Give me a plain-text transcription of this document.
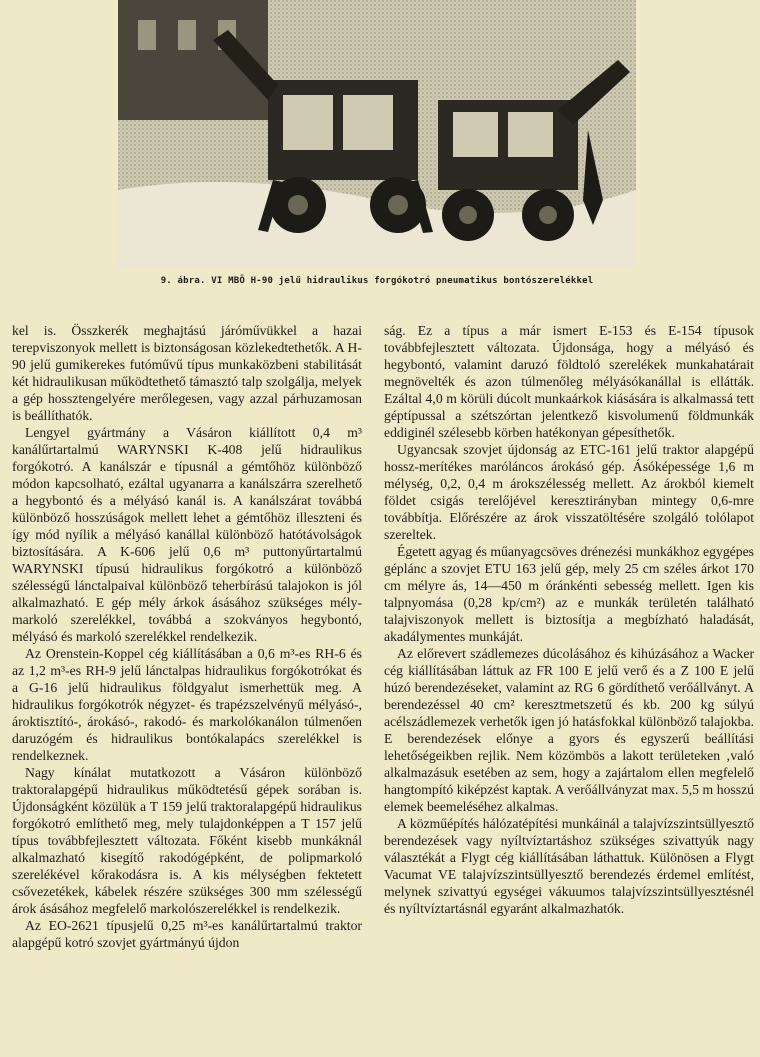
9. ábra. VI MBÖ H-90 jelű hidraulikus forgókotró pneumatikus bontószerelékkel

kel is. Összkerék meghajtású járóművükkel a hazai terepviszonyok mellett is biztonságosan közlekedtethetők. A H-90 jelű gumikerekes futóművű típus munkaközbeni stabilitását két hidraulikusan működtethető támasztó talp szolgálja, melyek a gép hossztengelyére merőlegesen, vagy azzal párhuzamosan is beállíthatók.

Lengyel gyártmány a Vásáron kiállított 0,4 m³ kanálűrtartalmú WARYNSKI K-408 jelű hidraulikus forgókotró. A kanálszár e típusnál a gémtőhöz különböző módon kapcsolható, ezáltal ugyanarra a kanálszárra szerelhető a hegybontó és a mélyásó kanál is. A kanálszárat továbbá különböző hosszúságok mellett lehet a gémtőhöz illeszteni és így mód nyílik a mélyásó kanállal különböző hatótávolságok biztosítására. A K-606 jelű 0,6 m³ puttonyűrtartalmú WARYNSKI típusú hidraulikus forgókotró a különböző szélességű lánctalpaival különböző teherbírású talajokon is jól alkalmazható. E gép mély árkok ásásához szükséges mélymarkoló szerelékkel, továbbá a szokványos hegybontó, mélyásó és markoló szerelékkel rendelkezik.

Az Orenstein-Koppel cég kiállításában a 0,6 m³-es RH-6 és az 1,2 m³-es RH-9 jelű lánctalpas hidraulikus forgókotrókat és a G-16 jelű hidraulikus földgyalut ismerhettük meg. A hidraulikus forgókotrók négyzet- és trapézszelvényű mélyásó-, ároktisztító-, árokásó-, rakodó- és markolókanálon túlmenően daruzógém és hidraulikus bontókalapács szerelékkel is rendelkeznek.

Nagy kínálat mutatkozott a Vásáron különböző traktoralapgépű hidraulikus működtetésű gépek sorában is. Újdonságként közülük a T 159 jelű traktoralapgépű hidraulikus forgókotró említhető meg, mely tulajdonképpen a T 157 jelű típus továbbfejlesztett változata. Főként kisebb munkáknál alkalmazható kisegítő rakodógépként, de polipmarkoló szerelékével kőrakodásra is. A kis mélységben fektetett csővezetékek, kábelek részére szükséges 300 mm szélességű árok ásásához megfelelő markolószerelékkel is rendelkezik.

Az EO-2621 típusjelű 0,25 m³-es kanálűrtartalmú traktor alapgépű kotró szovjet gyártmányú újdon

ság. Ez a típus a már ismert E-153 és E-154 típusok továbbfejlesztett változata. Újdonsága, hogy a mélyásó és hegybontó, valamint daruzó földtoló szerelékek munkahatárait megnövelték és azon túlmenőleg mélyásókanállal is ellátták. Ezáltal 4,0 m körüli dúcolt munkaárkok kiásására is alkalmassá tett géptípussal a szétszórtan jelentkező kisvolumenű földmunkák eddiginél szélesebb körben hatékonyan gépesíthetők.

Ugyancsak szovjet újdonság az ETC-161 jelű traktor alapgépű hossz-merítékes maróláncos árokásó gép. Ásóképessége 1,6 m mélység, 0,2, 0,4 m árokszélesség mellett. Az árokból kiemelt földet csigás terelőjével keresztirányban mintegy 0,6-mre továbbítja. Előrészére az árok visszatöltésére szolgáló tolólapot szereltek.

Égetett agyag és műanyagcsöves drénezési munkákhoz egygépes géplánc a szovjet ETU 163 jelű gép, mely 25 cm széles árkot 170 cm mélyre ás, 14—450 m óránkénti sebesség mellett. Igen kis talpnyomása (0,28 kp/cm²) az e munkák területén található talajviszonyok mellett is biztosítja a megbízható haladását, akadálymentes munkáját.

Az előrevert szádlemezes dúcolásához és kihúzásához a Wacker cég kiállításában láttuk az FR 100 E jelű verő és a Z 100 E jelű húzó berendezéseket, valamint az RG 6 gördíthető verőállványt. A berendezéssel 40 cm² keresztmetszetű és kb. 200 kg súlyú acélszádlemezek verhetők igen jó hatásfokkal különböző talajokba. E berendezések előnye a gyors és egyszerű beállítási lehetőségeikben rejlik. Nem közömbös a lakott területeken ‚való alkalmazásuk esetében az sem, hogy a zajártalom ellen megfelelő hangtompító kiképzést kaptak. A verőállványzat max. 5,5 m hosszú elemek beemeléséhez alkalmas.

A közműépítés hálózatépítési munkáinál a talajvízszintsüllyesztő berendezések vagy nyíltvíztartáshoz szükséges szivattyúk nagy választékát a Flygt cég kiállításában láthattuk. Különösen a Flygt Vacumat VE talajvízszintsüllyesztő berendezés érdemel említést, melynek szivattyú egységei vákuumos talajvízszintsüllyesztésnél és nyíltvíztartásnál egyaránt alkalmazhatók.
